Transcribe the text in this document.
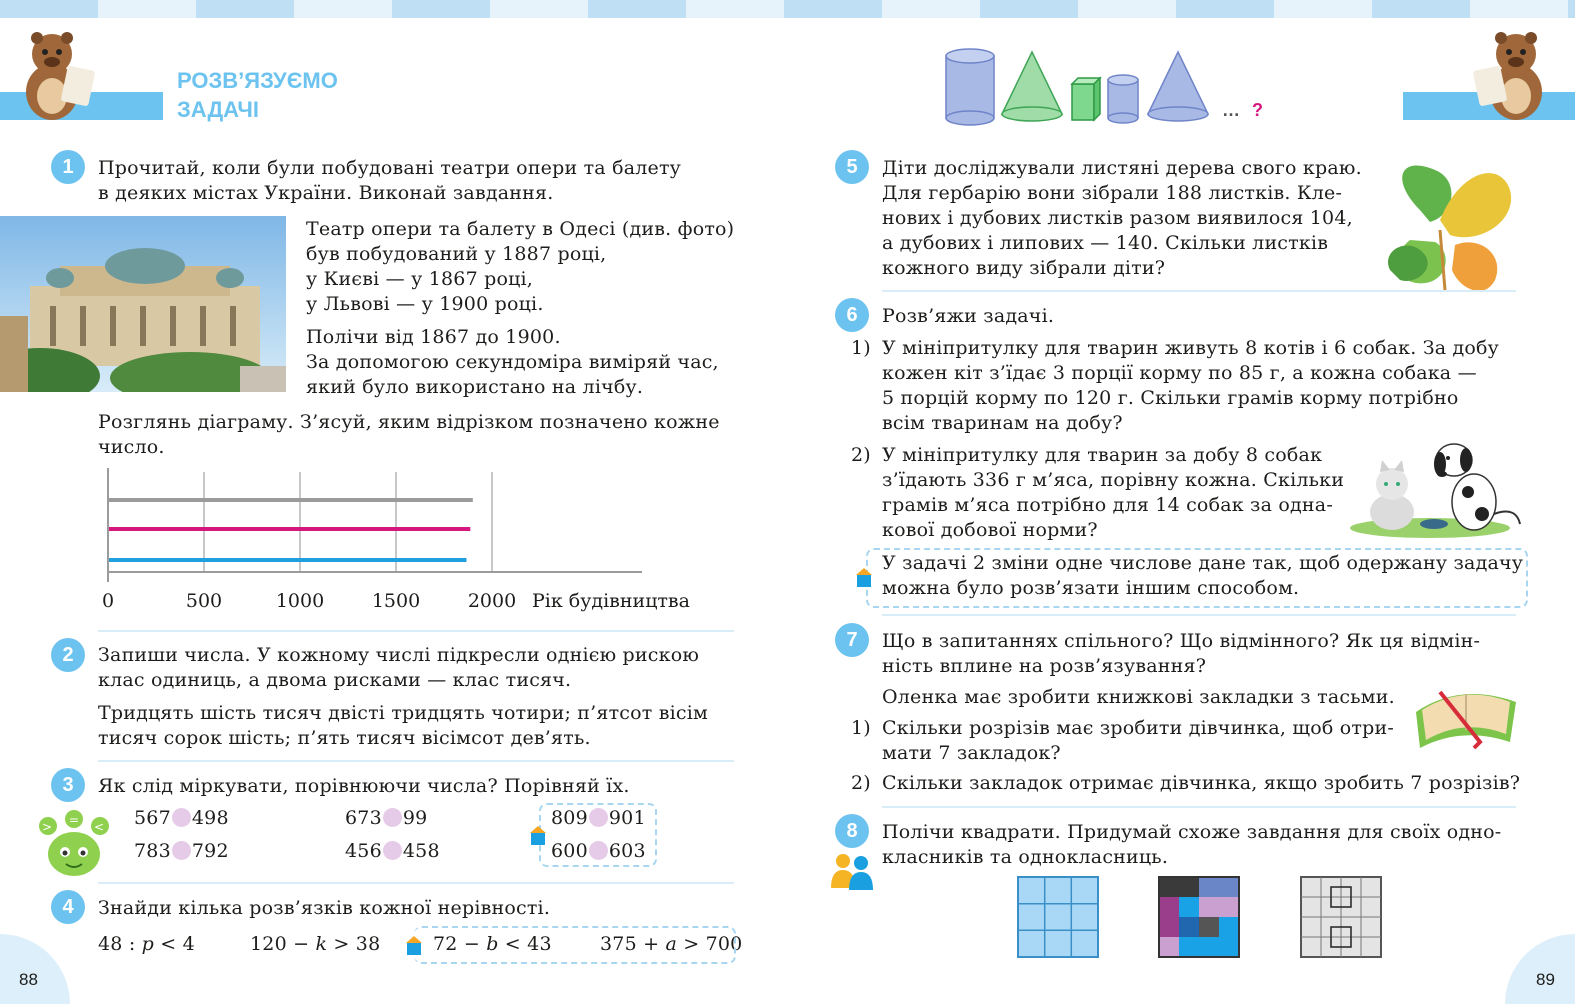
РОЗВ’ЯЗУЄМО
ЗАДАЧІ	… ?
1	Прочитай, коли були побудовані театри опери та балету
в деяких містах України. Виконай завдання.
Театр опери та балету в Одесі (див. фото)
був побудований у 1887 році,
у Києві — у 1867 році,
у Львові — у 1900 році.
Полічи від 1867 до 1900.
За допомогою секундоміра виміряй час,
який було використано на лічбу.
Розглянь діаграму. З’ясуй, яким відрізком позначено кожне
число.
0	500	1000	1500	2000 Рік будівництва
2	Запиши числа. У кожному числі підкресли однією рискою
клас одиниць, а двома рисками — клас тисяч.
Тридцять шість тисяч двісті тридцять чотири; п’ятсот вісім
тисяч сорок шість; п’ять тисяч вісімсот дев’ять.
3	Як слід міркувати, порівнюючи числа? Порівняй їх.
> = < 567 498	673 99	809 901
783 792	456 458	600 603
4	Знайди кілька розв’язків кожної нерівності.
48 : p < 4	120 − k > 38	72 − b < 43	375 + a > 700
88
5	Діти досліджували листяні дерева свого краю.
Для гербарію вони зібрали 188 листків. Кле-
нових і дубових листків разом виявилося 104,
а дубових і липових — 140. Скільки листків
кожного виду зібрали діти?
6	Розв’яжи задачі.
1) У мініпритулку для тварин живуть 8 котів і 6 собак. За добу
кожен кіт з’їдає 3 порції корму по 85 г, а кожна собака —
5 порцій корму по 120 г. Скільки грамів корму потрібно
всім тваринам на добу?
2) У мініпритулку для тварин за добу 8 собак
з’їдають 336 г м’яса, порівну кожна. Скільки
грамів м’яса потрібно для 14 собак за одна-
кової добової норми?
У задачі 2 зміни одне числове дане так, щоб одержану задачу
можна було розв’язати іншим способом.
7	Що в запитаннях спільного? Що відмінного? Як ця відмін-
ність вплине на розв’язування?
Оленка має зробити книжкові закладки з тасьми.
1) Скільки розрізів має зробити дівчинка, щоб отри-
мати 7 закладок?
2) Скільки закладок отримає дівчинка, якщо зробить 7 розрізів?
8	Полічи квадрати. Придумай схоже завдання для своїх одно-
класників та однокласниць.
89
